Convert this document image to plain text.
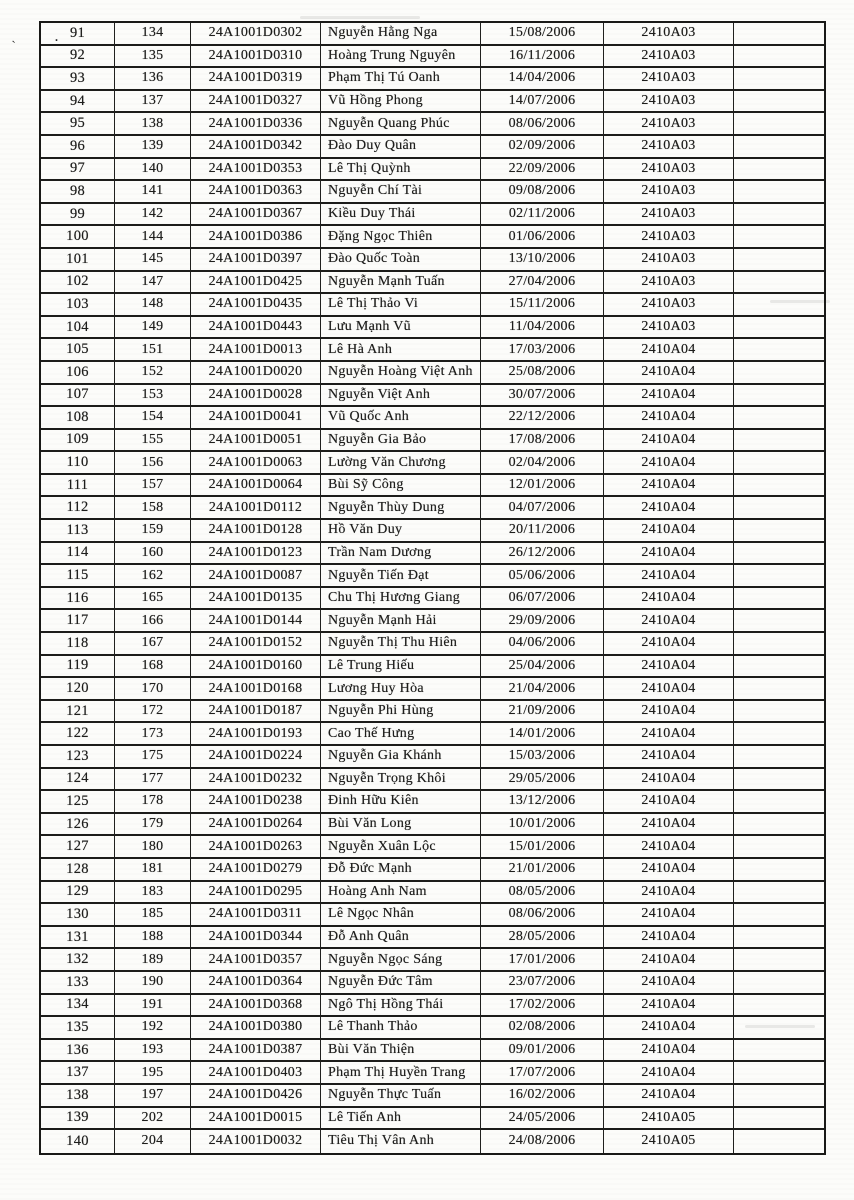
‵
. 91	134	24A1001D0302	Nguyễn Hằng Nga	15/08/2006	2410A03
92	135	24A1001D0310	Hoàng Trung Nguyên	16/11/2006	2410A03
93	136	24A1001D0319	Phạm Thị Tú Oanh	14/04/2006	2410A03
94	137	24A1001D0327	Vũ Hồng Phong	14/07/2006	2410A03
95	138	24A1001D0336	Nguyễn Quang Phúc	08/06/2006	2410A03
96	139	24A1001D0342	Đào Duy Quân	02/09/2006	2410A03
97	140	24A1001D0353	Lê Thị Quỳnh	22/09/2006	2410A03
98	141	24A1001D0363	Nguyễn Chí Tài	09/08/2006	2410A03
99	142	24A1001D0367	Kiều Duy Thái	02/11/2006	2410A03
100	144	24A1001D0386	Đặng Ngọc Thiên	01/06/2006	2410A03
101	145	24A1001D0397	Đào Quốc Toàn	13/10/2006	2410A03
102	147	24A1001D0425	Nguyễn Mạnh Tuấn	27/04/2006	2410A03
103	148	24A1001D0435	Lê Thị Thảo Vi	15/11/2006	2410A03
104	149	24A1001D0443	Lưu Mạnh Vũ	11/04/2006	2410A03
105	151	24A1001D0013	Lê Hà Anh	17/03/2006	2410A04
106	152	24A1001D0020	Nguyễn Hoàng Việt Anh	25/08/2006	2410A04
107	153	24A1001D0028	Nguyễn Việt Anh	30/07/2006	2410A04
108	154	24A1001D0041	Vũ Quốc Anh	22/12/2006	2410A04
109	155	24A1001D0051	Nguyễn Gia Bảo	17/08/2006	2410A04
110	156	24A1001D0063	Lường Văn Chương	02/04/2006	2410A04
111	157	24A1001D0064	Bùi Sỹ Công	12/01/2006	2410A04
112	158	24A1001D0112	Nguyễn Thùy Dung	04/07/2006	2410A04
113	159	24A1001D0128	Hồ Văn Duy	20/11/2006	2410A04
114	160	24A1001D0123	Trần Nam Dương	26/12/2006	2410A04
115	162	24A1001D0087	Nguyễn Tiến Đạt	05/06/2006	2410A04
116	165	24A1001D0135	Chu Thị Hương Giang	06/07/2006	2410A04
117	166	24A1001D0144	Nguyễn Mạnh Hải	29/09/2006	2410A04
118	167	24A1001D0152	Nguyễn Thị Thu Hiên	04/06/2006	2410A04
119	168	24A1001D0160	Lê Trung Hiếu	25/04/2006	2410A04
120	170	24A1001D0168	Lương Huy Hòa	21/04/2006	2410A04
121	172	24A1001D0187	Nguyễn Phi Hùng	21/09/2006	2410A04
122	173	24A1001D0193	Cao Thế Hưng	14/01/2006	2410A04
123	175	24A1001D0224	Nguyễn Gia Khánh	15/03/2006	2410A04
124	177	24A1001D0232	Nguyễn Trọng Khôi	29/05/2006	2410A04
125	178	24A1001D0238	Đinh Hữu Kiên	13/12/2006	2410A04
126	179	24A1001D0264	Bùi Văn Long	10/01/2006	2410A04
127	180	24A1001D0263	Nguyễn Xuân Lộc	15/01/2006	2410A04
128	181	24A1001D0279	Đỗ Đức Mạnh	21/01/2006	2410A04
129	183	24A1001D0295	Hoàng Anh Nam	08/05/2006	2410A04
130	185	24A1001D0311	Lê Ngọc Nhân	08/06/2006	2410A04
131	188	24A1001D0344	Đỗ Anh Quân	28/05/2006	2410A04
132	189	24A1001D0357	Nguyễn Ngọc Sáng	17/01/2006	2410A04
133	190	24A1001D0364	Nguyễn Đức Tâm	23/07/2006	2410A04
134	191	24A1001D0368	Ngô Thị Hồng Thái	17/02/2006	2410A04
135	192	24A1001D0380	Lê Thanh Thảo	02/08/2006	2410A04
136	193	24A1001D0387	Bùi Văn Thiện	09/01/2006	2410A04
137	195	24A1001D0403	Phạm Thị Huyền Trang	17/07/2006	2410A04
138	197	24A1001D0426	Nguyễn Thực Tuấn	16/02/2006	2410A04
139	202	24A1001D0015	Lê Tiến Anh	24/05/2006	2410A05
140	204	24A1001D0032	Tiêu Thị Vân Anh	24/08/2006	2410A05
